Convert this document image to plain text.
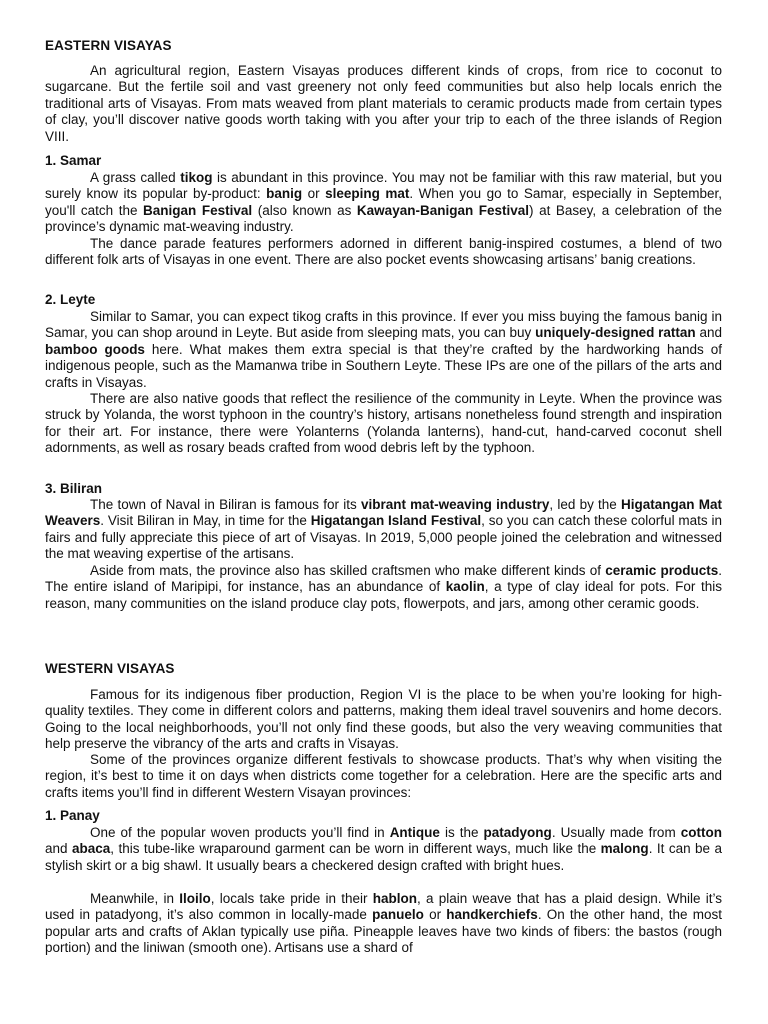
EASTERN VISAYAS

An agricultural region, Eastern Visayas produces different kinds of crops, from rice to coconut to sugarcane. But the fertile soil and vast greenery not only feed communities but also help locals enrich the traditional arts of Visayas. From mats weaved from plant materials to ceramic products made from certain types of clay, you’ll discover native goods worth taking with you after your trip to each of the three islands of Region VIII.

1. Samar

A grass called tikog is abundant in this province. You may not be familiar with this raw material, but you surely know its popular by-product: banig or sleeping mat. When you go to Samar, especially in September, you'll catch the Banigan Festival (also known as Kawayan-Banigan Festival) at Basey, a celebration of the province’s dynamic mat-weaving industry.

The dance parade features performers adorned in different banig-inspired costumes, a blend of two different folk arts of Visayas in one event. There are also pocket events showcasing artisans’ banig creations.

2. Leyte

Similar to Samar, you can expect tikog crafts in this province. If ever you miss buying the famous banig in Samar, you can shop around in Leyte. But aside from sleeping mats, you can buy uniquely-designed rattan and bamboo goods here. What makes them extra special is that they’re crafted by the hardworking hands of indigenous people, such as the Mamanwa tribe in Southern Leyte. These IPs are one of the pillars of the arts and crafts in Visayas.

There are also native goods that reflect the resilience of the community in Leyte. When the province was struck by Yolanda, the worst typhoon in the country’s history, artisans nonetheless found strength and inspiration for their art. For instance, there were Yolanterns (Yolanda lanterns), hand-cut, hand-carved coconut shell adornments, as well as rosary beads crafted from wood debris left by the typhoon.

3. Biliran

The town of Naval in Biliran is famous for its vibrant mat-weaving industry, led by the Higatangan Mat Weavers. Visit Biliran in May, in time for the Higatangan Island Festival, so you can catch these colorful mats in fairs and fully appreciate this piece of art of Visayas. In 2019, 5,000 people joined the celebration and witnessed the mat weaving expertise of the artisans.

Aside from mats, the province also has skilled craftsmen who make different kinds of ceramic products. The entire island of Maripipi, for instance, has an abundance of kaolin, a type of clay ideal for pots. For this reason, many communities on the island produce clay pots, flowerpots, and jars, among other ceramic goods.

WESTERN VISAYAS

Famous for its indigenous fiber production, Region VI is the place to be when you’re looking for high-quality textiles. They come in different colors and patterns, making them ideal travel souvenirs and home decors. Going to the local neighborhoods, you’ll not only find these goods, but also the very weaving communities that help preserve the vibrancy of the arts and crafts in Visayas.

Some of the provinces organize different festivals to showcase products. That’s why when visiting the region, it’s best to time it on days when districts come together for a celebration. Here are the specific arts and crafts items you’ll find in different Western Visayan provinces:

1. Panay

One of the popular woven products you’ll find in Antique is the patadyong. Usually made from cotton and abaca, this tube-like wraparound garment can be worn in different ways, much like the malong. It can be a stylish skirt or a big shawl. It usually bears a checkered design crafted with bright hues.

Meanwhile, in Iloilo, locals take pride in their hablon, a plain weave that has a plaid design. While it’s used in patadyong, it’s also common in locally-made panuelo or handkerchiefs. On the other hand, the most popular arts and crafts of Aklan typically use piña. Pineapple leaves have two kinds of fibers: the bastos (rough portion) and the liniwan (smooth one). Artisans use a shard of
